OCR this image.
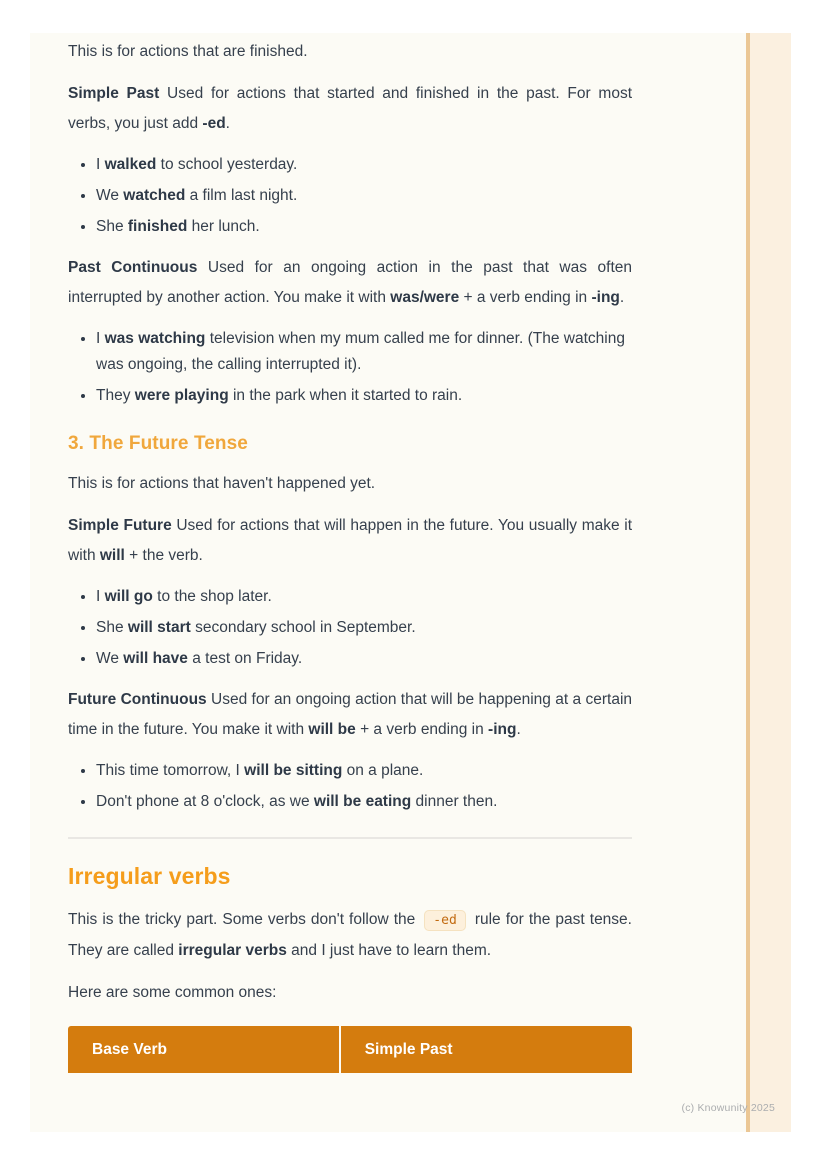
This is for actions that are finished.

Simple Past Used for actions that started and finished in the past. For most verbs, you just add -ed.

• I walked to school yesterday.
• We watched a film last night.
• She finished her lunch.

Past Continuous Used for an ongoing action in the past that was often interrupted by another action. You make it with was/were + a verb ending in -ing.

• I was watching television when my mum called me for dinner. (The watching was ongoing, the calling interrupted it).
• They were playing in the park when it started to rain.
3. The Future Tense

This is for actions that haven't happened yet.

Simple Future Used for actions that will happen in the future. You usually make it with will + the verb.

• I will go to the shop later.
• She will start secondary school in September.
• We will have a test on Friday.

Future Continuous Used for an ongoing action that will be happening at a certain time in the future. You make it with will be + a verb ending in -ing.

• This time tomorrow, I will be sitting on a plane.
• Don't phone at 8 o'clock, as we will be eating dinner then.
Irregular verbs

This is the tricky part. Some verbs don't follow the -ed rule for the past tense. They are called irregular verbs and I just have to learn them.

Here are some common ones:

Base Verb	Simple Past
(c) Knowunity 2025
